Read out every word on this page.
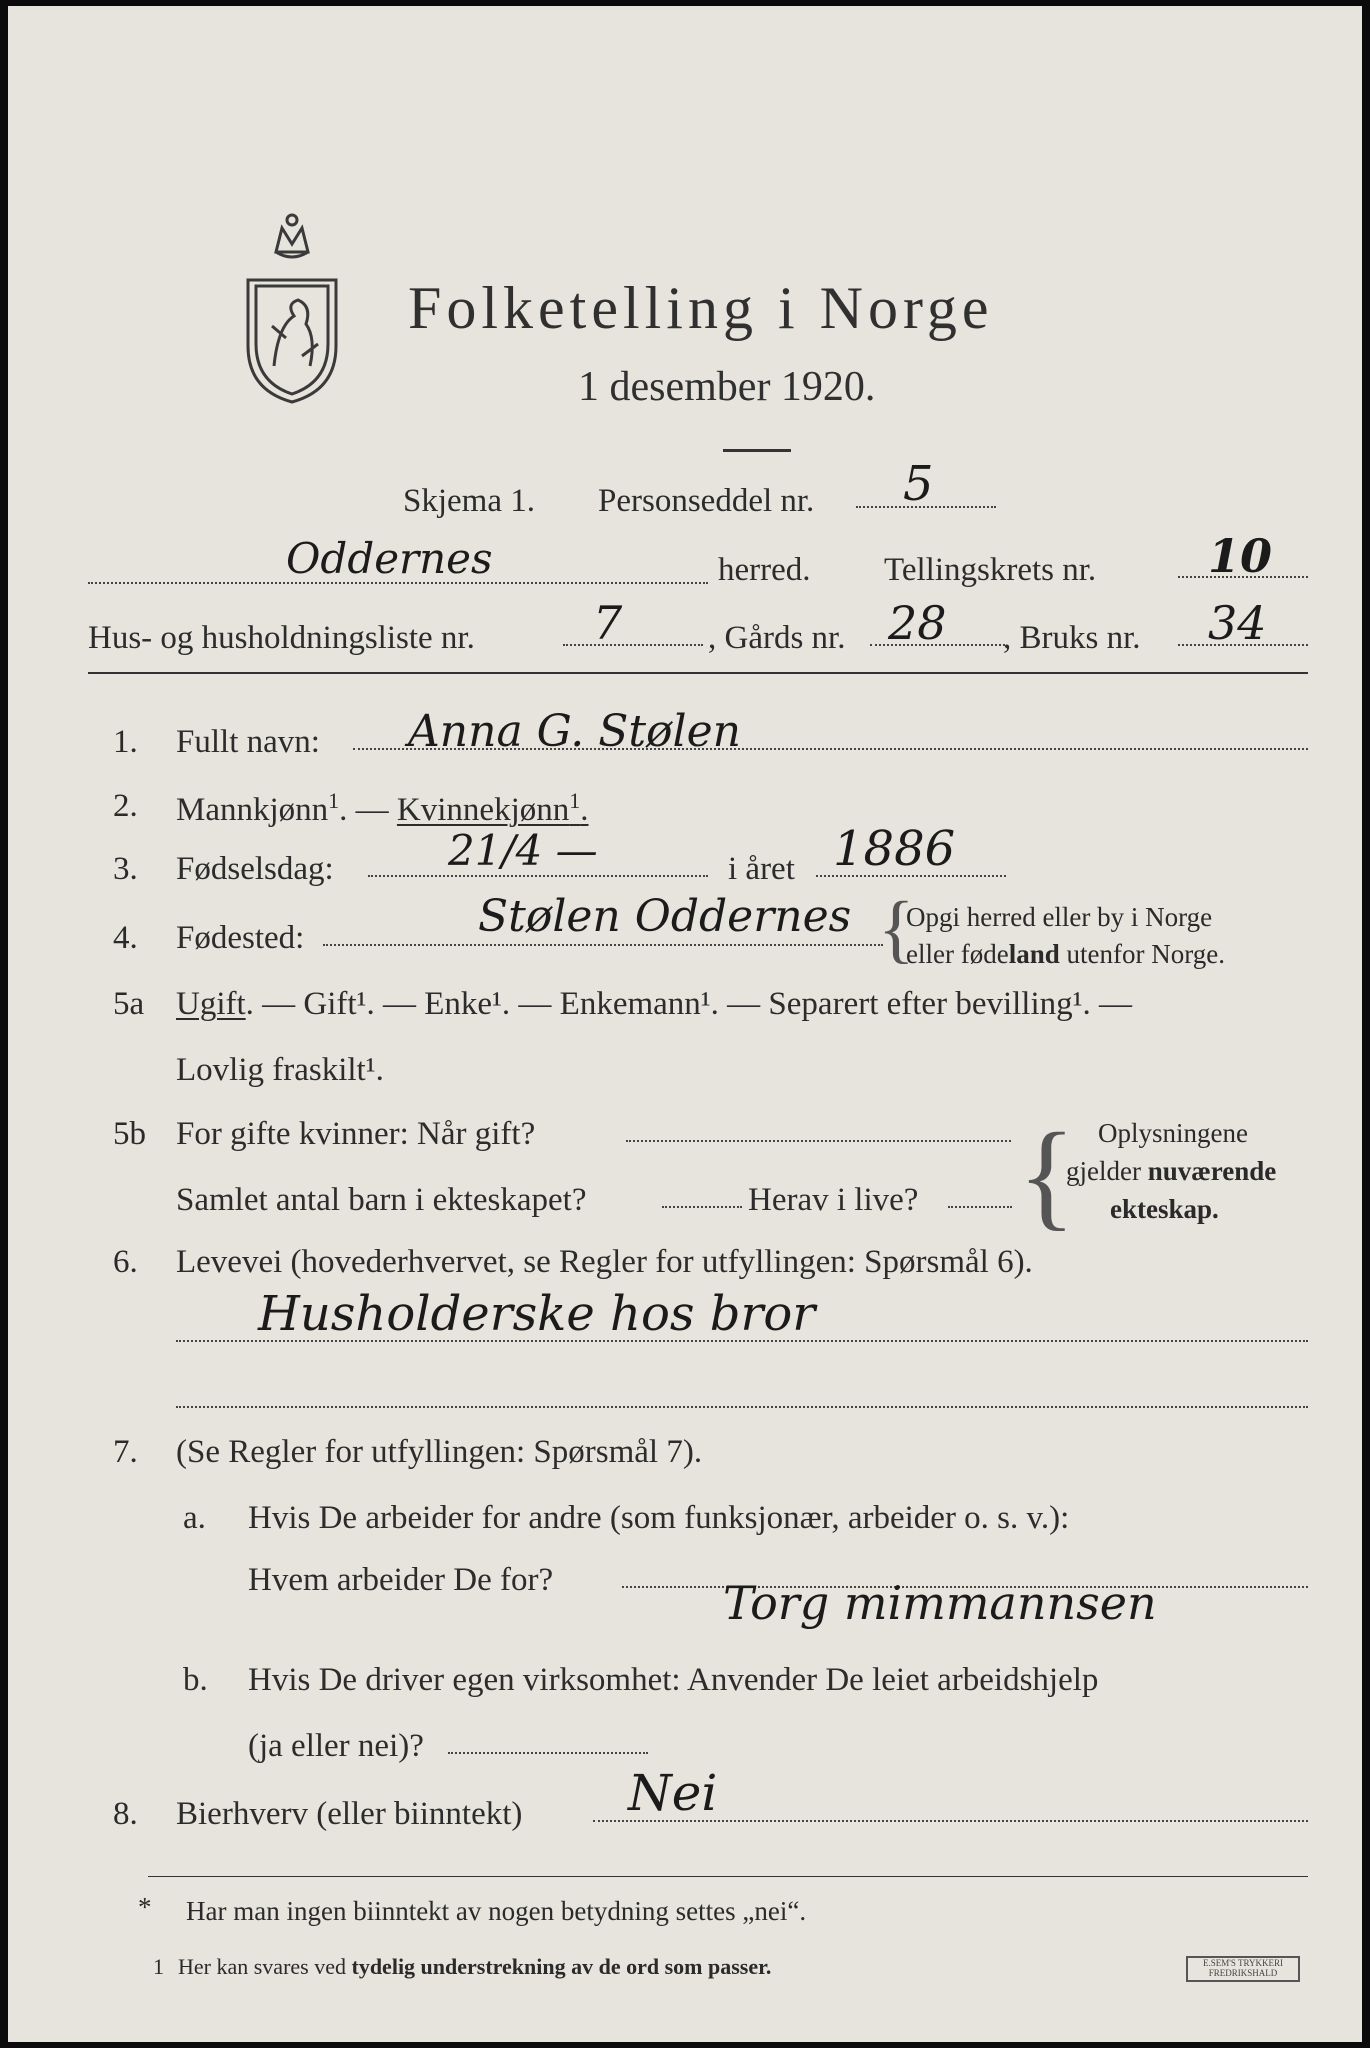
Folketelling i Norge
1 desember 1920.
Skjema 1. Personseddel nr. 5
Oddernes	herred. Tellingskrets nr. 10
Hus- og husholdningsliste nr.	7	, Gårds nr. 28 , Bruks nr. 34
1. Fullt navn: Anna G. Stølen
2. Mannkjønn$^1$. — Kvinnekjønn$^1$.
3. Fødselsdag:	21/4 —	i året 1886
4. Fødested:	Stølen Oddernes {
Opgi herred eller by i Norge
eller fødeland utenfor Norge.
5a Ugift. — Gift¹. — Enke¹. — Enkemann¹. — Separert efter bevilling¹. —
Lovlig fraskilt¹.
5b For gifte kvinner: Når gift?
Samlet antal barn i ekteskapet?	Herav i live? { Oplysningene
gjelder nuværende
ekteskap.
6. Levevei (hovederhvervet, se Regler for utfyllingen: Spørsmål 6).
Husholderske hos bror
7. (Se Regler for utfyllingen: Spørsmål 7).
a. Hvis De arbeider for andre (som funksjonær, arbeider o. s. v.):
Hvem arbeider De for?	Torg mimmannsen
b. Hvis De driver egen virksomhet: Anvender De leiet arbeidshjelp
(ja eller nei)?
8. Bierhverv (eller biinntekt) Nei
* Har man ingen biinntekt av nogen betydning settes „nei“.
1 Her kan svares ved tydelig understrekning av de ord som passer.	E.SEM'S TRYKKERI
FREDRIKSHALD
